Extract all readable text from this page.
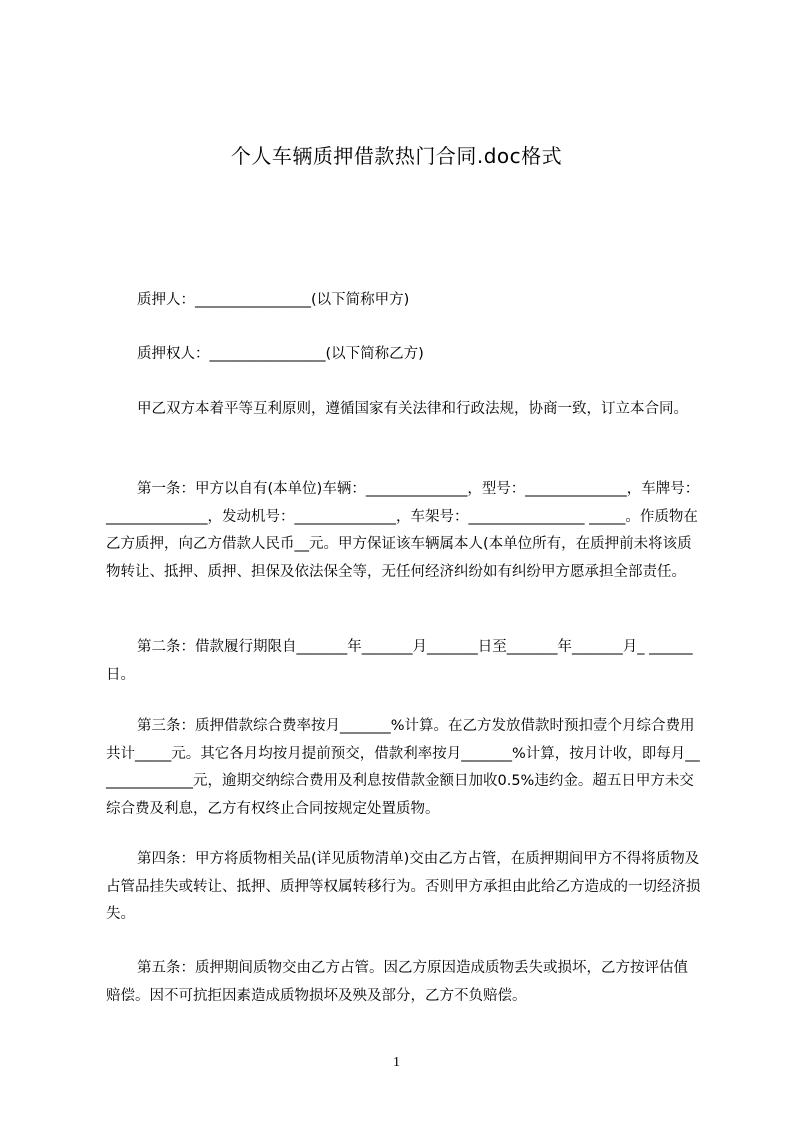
个人车辆质押借款热门合同.doc格式
质押人：________________(以下简称甲方)
质押权人：________________(以下简称乙方)
甲乙双方本着平等互利原则，遵循国家有关法律和行政法规，协商一致，订立本合同。
第一条：甲方以自有(本单位)车辆：______________，型号：______________，车牌号：______________，发动机号：______________，车架号：________________ _____。作质物在乙方质押，向乙方借款人民币__元。甲方保证该车辆属本人(本单位所有，在质押前未将该质物转让、抵押、质押、担保及依法保全等，无任何经济纠纷如有纠纷甲方愿承担全部责任。
第二条：借款履行期限自_______年_______月_______日至_______年_______月_ ______日。
第三条：质押借款综合费率按月_______%计算。在乙方发放借款时预扣壹个月综合费用共计_____元。其它各月均按月提前预交，借款利率按月_______%计算，按月计收，即每月______________元，逾期交纳综合费用及利息按借款金额日加收0.5%违约金。超五日甲方未交综合费及利息，乙方有权终止合同按规定处置质物。
第四条：甲方将质物相关品(详见质物清单)交由乙方占管，在质押期间甲方不得将质物及占管品挂失或转让、抵押、质押等权属转移行为。否则甲方承担由此给乙方造成的一切经济损失。
第五条：质押期间质物交由乙方占管。因乙方原因造成质物丢失或损坏，乙方按评估值赔偿。因不可抗拒因素造成质物损坏及殃及部分，乙方不负赔偿。
1
